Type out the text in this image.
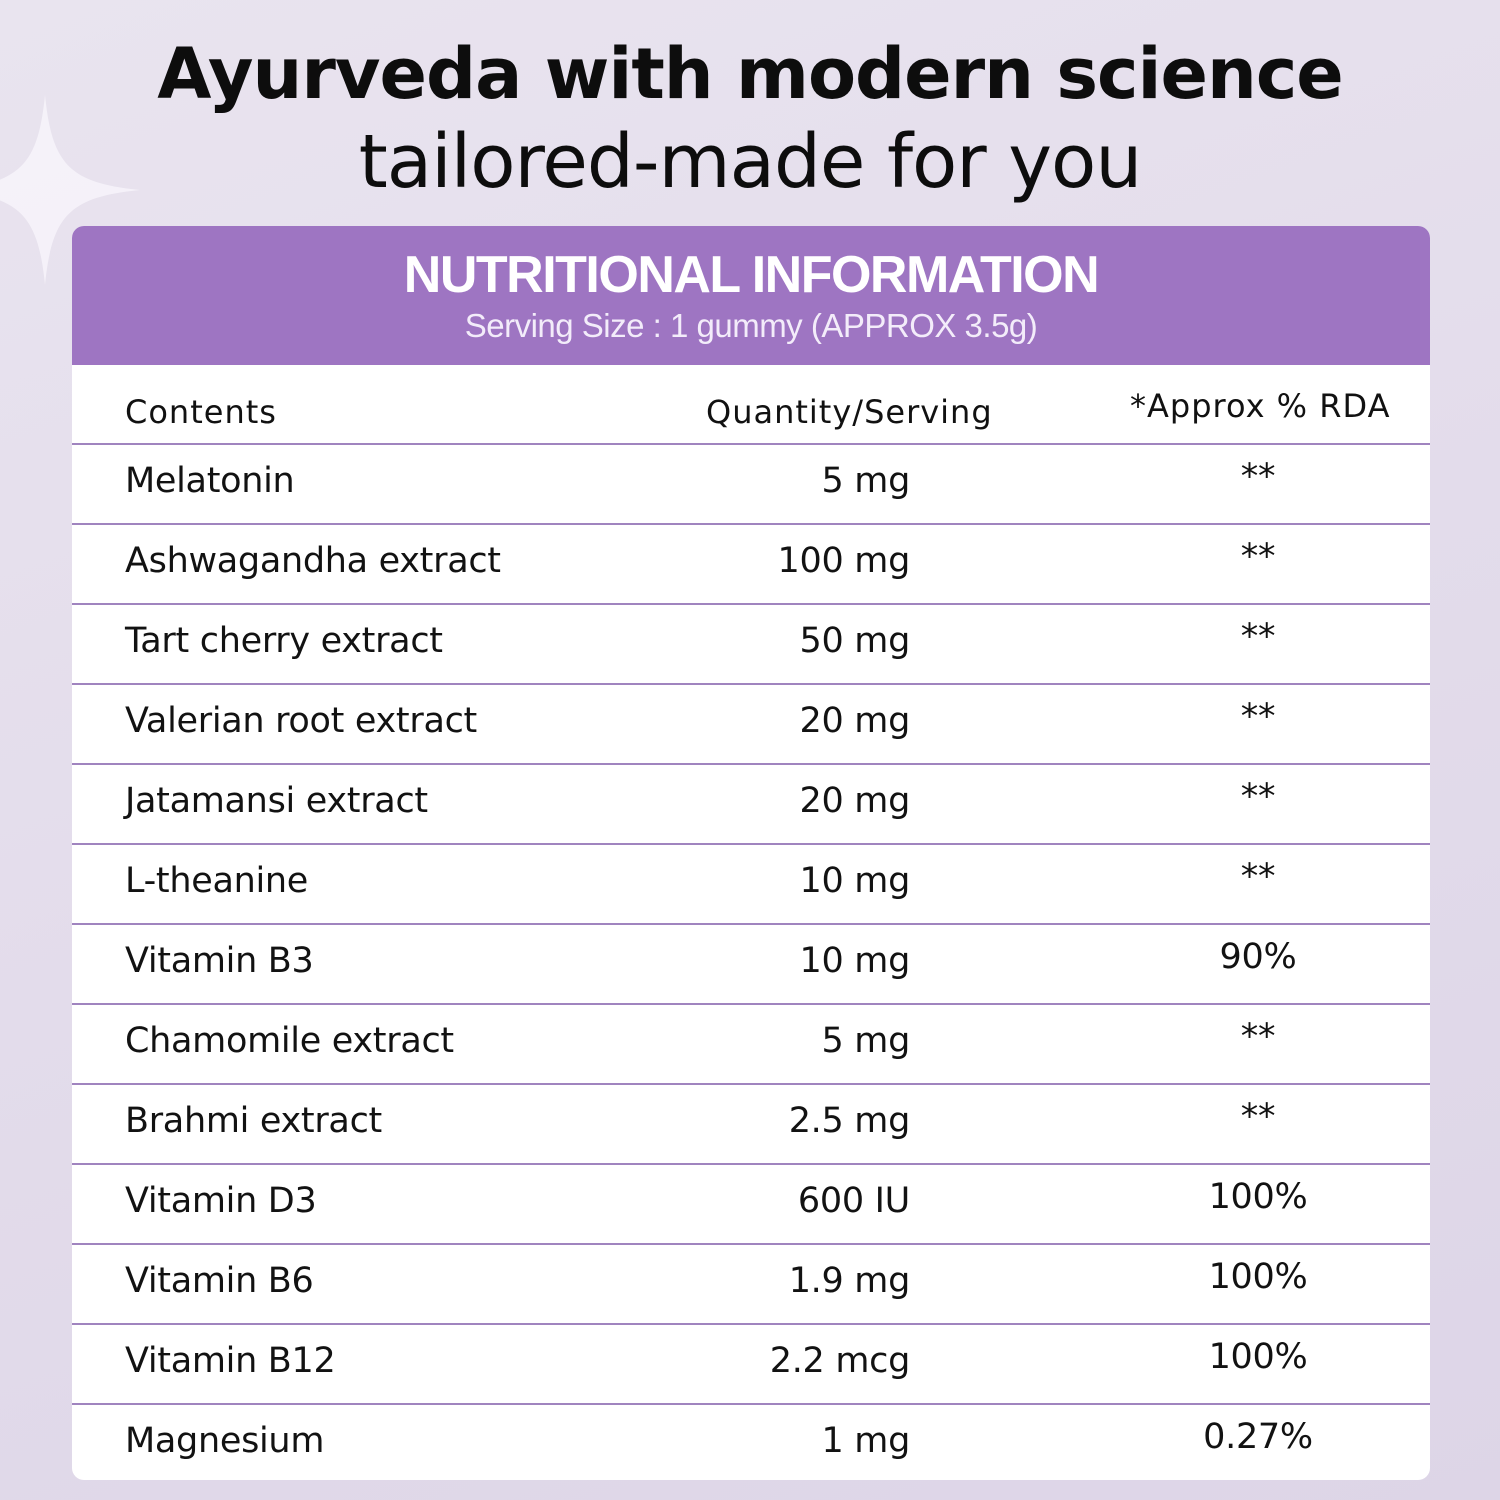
Ayurveda with modern science
tailored-made for you
NUTRITIONAL INFORMATION
Serving Size : 1 gummy (APPROX 3.5g)
Contents	Quantity/Serving	*Approx % RDA
Melatonin	5 mg	**
Ashwagandha extract	100 mg	**
Tart cherry extract	50 mg	**
Valerian root extract	20 mg	**
Jatamansi extract	20 mg	**
L-theanine	10 mg	**
Vitamin B3	10 mg	90%
Chamomile extract	5 mg	**
Brahmi extract	2.5 mg	**
Vitamin D3	600 IU	100%
Vitamin B6	1.9 mg	100%
Vitamin B12	2.2 mcg	100%
Magnesium	1 mg	0.27%
